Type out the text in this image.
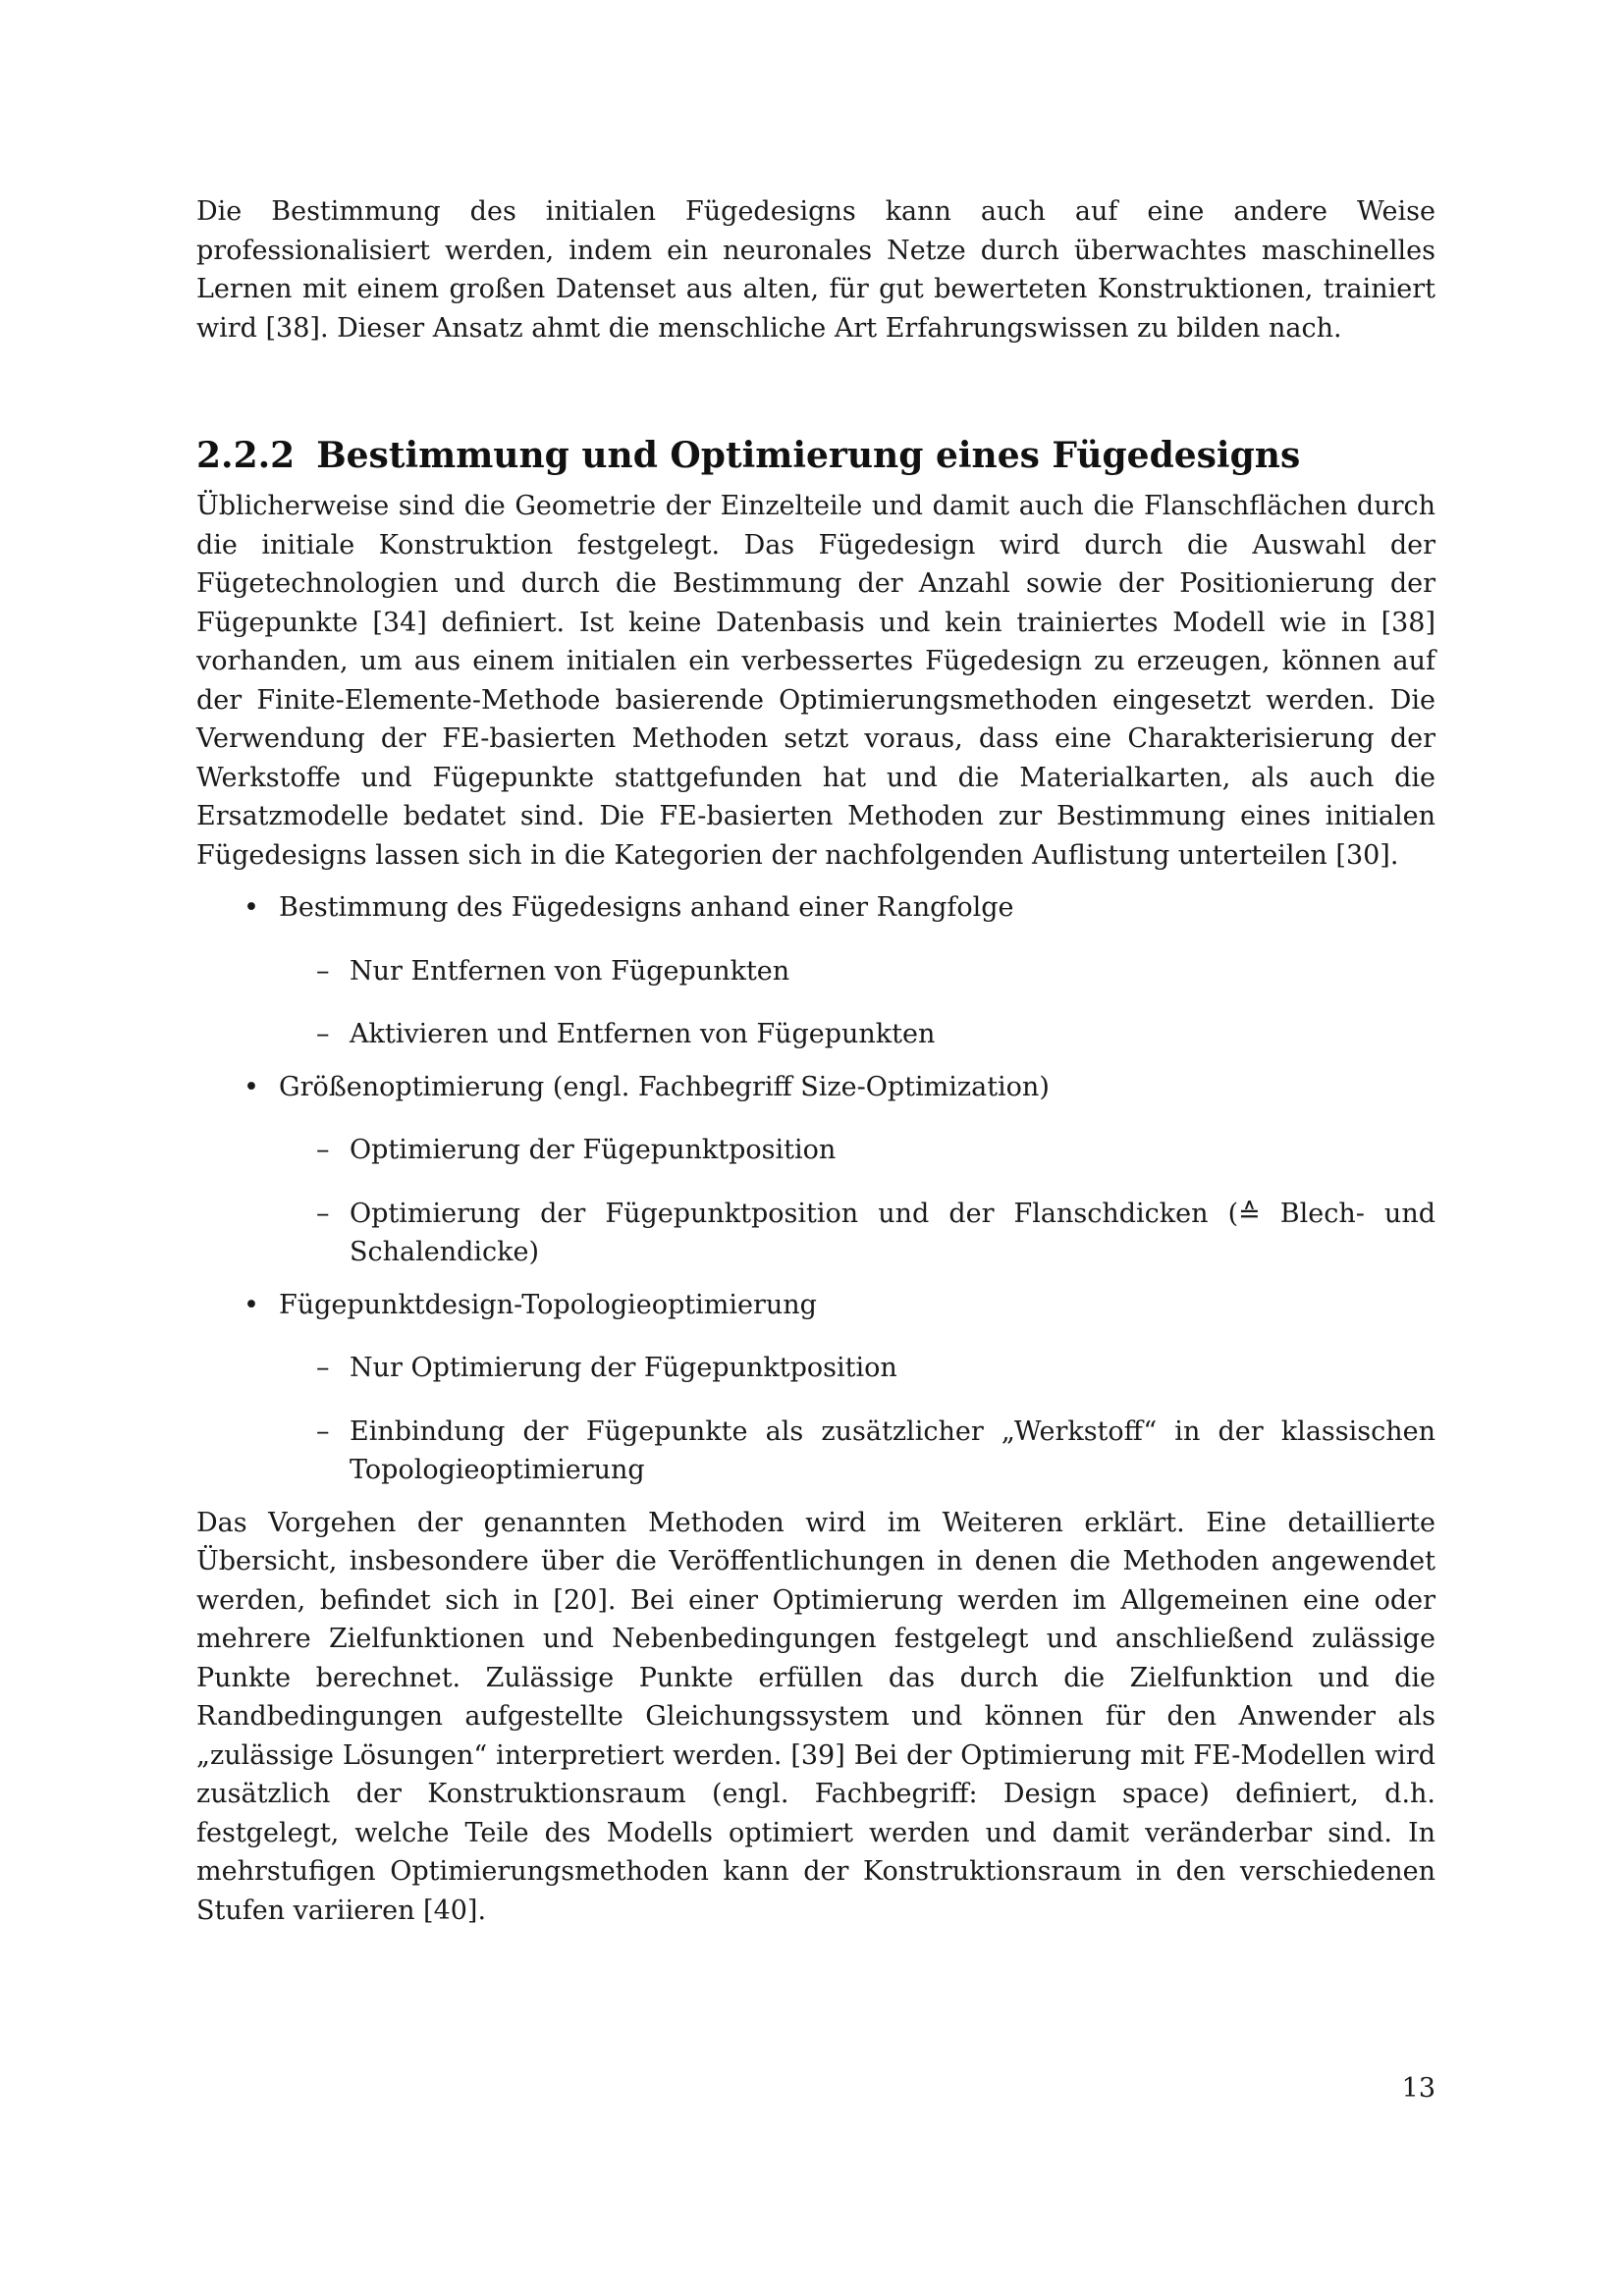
Die Bestimmung des initialen Fügedesigns kann auch auf eine andere Weise professionalisiert werden, indem ein neuronales Netze durch überwachtes maschinelles Lernen mit einem großen Datenset aus alten, für gut bewerteten Konstruktionen, trainiert wird [38]. Dieser Ansatz ahmt die menschliche Art Erfahrungswissen zu bilden nach.

2.2.2 Bestimmung und Optimierung eines Fügedesigns

Üblicherweise sind die Geometrie der Einzelteile und damit auch die Flanschflächen durch die initiale Konstruktion festgelegt. Das Fügedesign wird durch die Auswahl der Fügetechnologien und durch die Bestimmung der Anzahl sowie der Positionierung der Fügepunkte [34] definiert. Ist keine Datenbasis und kein trainiertes Modell wie in [38] vorhanden, um aus einem initialen ein verbessertes Fügedesign zu erzeugen, können auf der Finite-Elemente-Methode basierende Optimierungsmethoden eingesetzt werden. Die Verwendung der FE-basierten Methoden setzt voraus, dass eine Charakterisierung der Werkstoffe und Fügepunkte stattgefunden hat und die Materialkarten, als auch die Ersatzmodelle bedatet sind. Die FE-basierten Methoden zur Bestimmung eines initialen Fügedesigns lassen sich in die Kategorien der nachfolgenden Auflistung unterteilen [30].

• Bestimmung des Fügedesigns anhand einer Rangfolge
– Nur Entfernen von Fügepunkten
– Aktivieren und Entfernen von Fügepunkten
• Größenoptimierung (engl. Fachbegriff Size-Optimization)
– Optimierung der Fügepunktposition
– Optimierung der Fügepunktposition und der Flanschdicken (≙ Blech- und Schalendicke)
• Fügepunktdesign-Topologieoptimierung
– Nur Optimierung der Fügepunktposition
– Einbindung der Fügepunkte als zusätzlicher „Werkstoff“ in der klassischen Topologieoptimierung

Das Vorgehen der genannten Methoden wird im Weiteren erklärt. Eine detaillierte Übersicht, insbesondere über die Veröffentlichungen in denen die Methoden angewendet werden, befindet sich in [20]. Bei einer Optimierung werden im Allgemeinen eine oder mehrere Zielfunktionen und Nebenbedingungen festgelegt und anschließend zulässige Punkte berechnet. Zulässige Punkte erfüllen das durch die Zielfunktion und die Randbedingungen aufgestellte Gleichungssystem und können für den Anwender als „zulässige Lösungen“ interpretiert werden. [39] Bei der Optimierung mit FE-Modellen wird zusätzlich der Konstruktionsraum (engl. Fachbegriff: Design space) definiert, d.h. festgelegt, welche Teile des Modells optimiert werden und damit veränderbar sind. In mehrstufigen Optimierungsmethoden kann der Konstruktionsraum in den verschiedenen Stufen variieren [40].

13
